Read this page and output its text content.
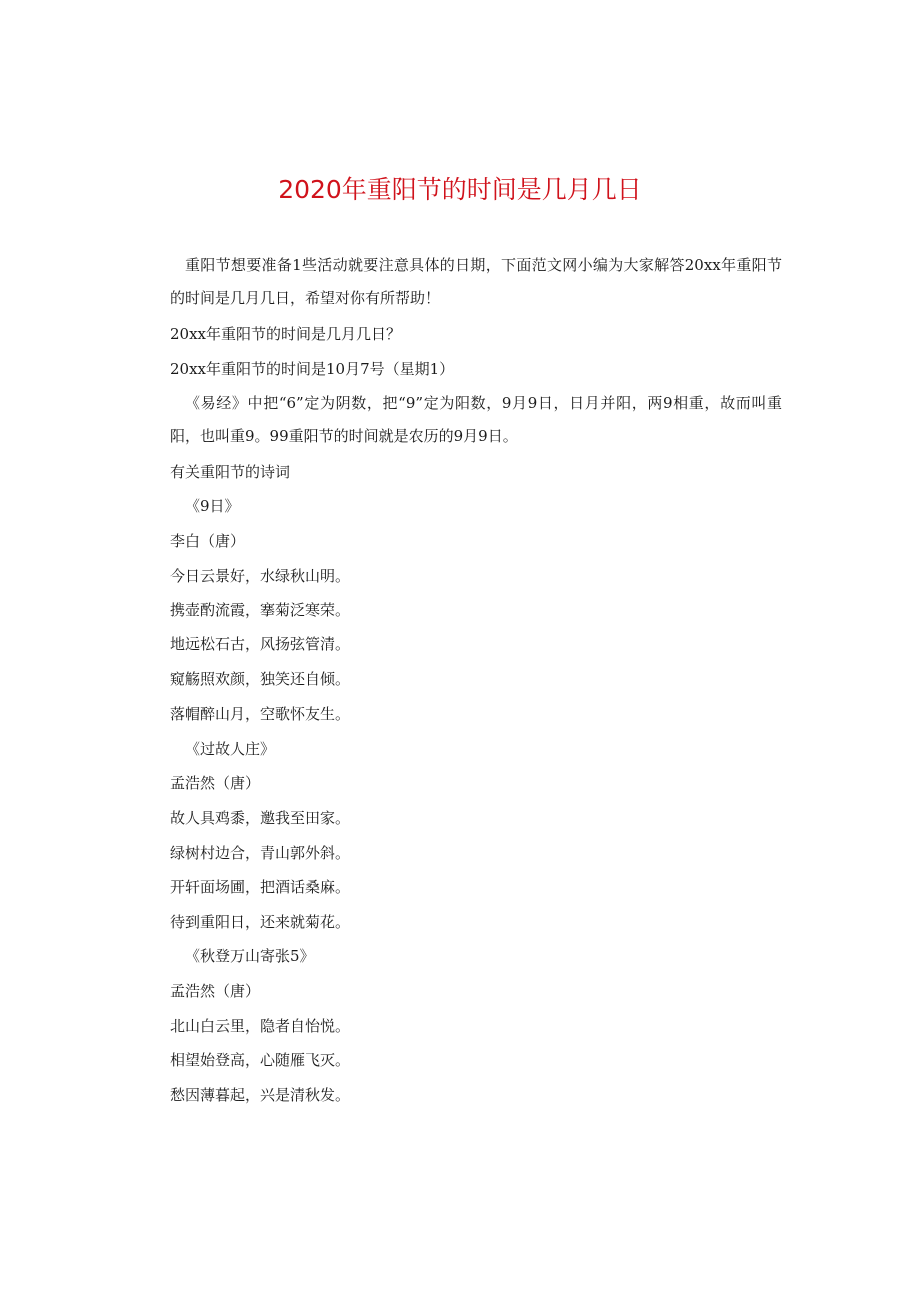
2020年重阳节的时间是几月几日

重阳节想要准备1些活动就要注意具体的日期，下面范文网小编为大家解答20xx年重阳节的时间是几月几日，希望对你有所帮助！

20xx年重阳节的时间是几月几日？

20xx年重阳节的时间是10月7号（星期1）

《易经》中把“6”定为阴数，把“9”定为阳数，9月9日，日月并阳，两9相重，故而叫重阳，也叫重9。99重阳节的时间就是农历的9月9日。

有关重阳节的诗词

《9日》

李白（唐）

今日云景好，水绿秋山明。

携壶酌流霞，搴菊泛寒荣。

地远松石古，风扬弦管清。

窥觞照欢颜，独笑还自倾。

落帽醉山月，空歌怀友生。

《过故人庄》

孟浩然（唐）

故人具鸡黍，邀我至田家。

绿树村边合，青山郭外斜。

开轩面场圃，把酒话桑麻。

待到重阳日，还来就菊花。

《秋登万山寄张5》

孟浩然（唐）

北山白云里，隐者自怡悦。

相望始登高，心随雁飞灭。

愁因薄暮起，兴是清秋发。
